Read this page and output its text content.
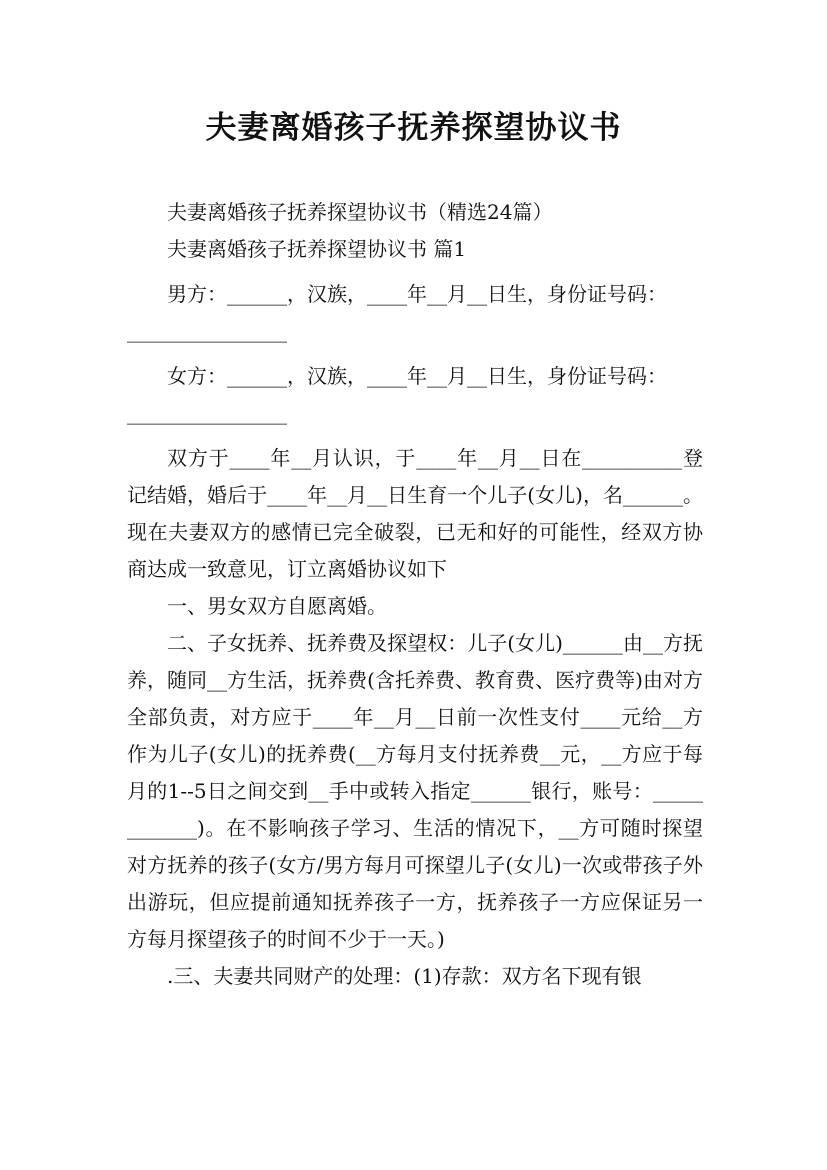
夫妻离婚孩子抚养探望协议书

夫妻离婚孩子抚养探望协议书（精选24篇）

夫妻离婚孩子抚养探望协议书 篇1

男方：______，汉族，____年__月__日生，身份证号码：

________________

女方：______，汉族，____年__月__日生，身份证号码：

________________

双方于____年__月认识，于____年__月__日在__________登记结婚，婚后于____年__月__日生育一个儿子(女儿)，名______。现在夫妻双方的感情已完全破裂，已无和好的可能性，经双方协商达成一致意见，订立离婚协议如下

一、男女双方自愿离婚。

二、子女抚养、抚养费及探望权：儿子(女儿)______由__方抚养，随同__方生活，抚养费(含托养费、教育费、医疗费等)由对方全部负责，对方应于____年__月__日前一次性支付____元给__方作为儿子(女儿)的抚养费(__方每月支付抚养费__元，__方应于每月的1--5日之间交到__手中或转入指定______银行，账号：____________)。在不影响孩子学习、生活的情况下，__方可随时探望对方抚养的孩子(女方/男方每月可探望儿子(女儿)一次或带孩子外出游玩，但应提前通知抚养孩子一方，抚养孩子一方应保证另一方每月探望孩子的时间不少于一天。)

.三、夫妻共同财产的处理：(1)存款：双方名下现有银
